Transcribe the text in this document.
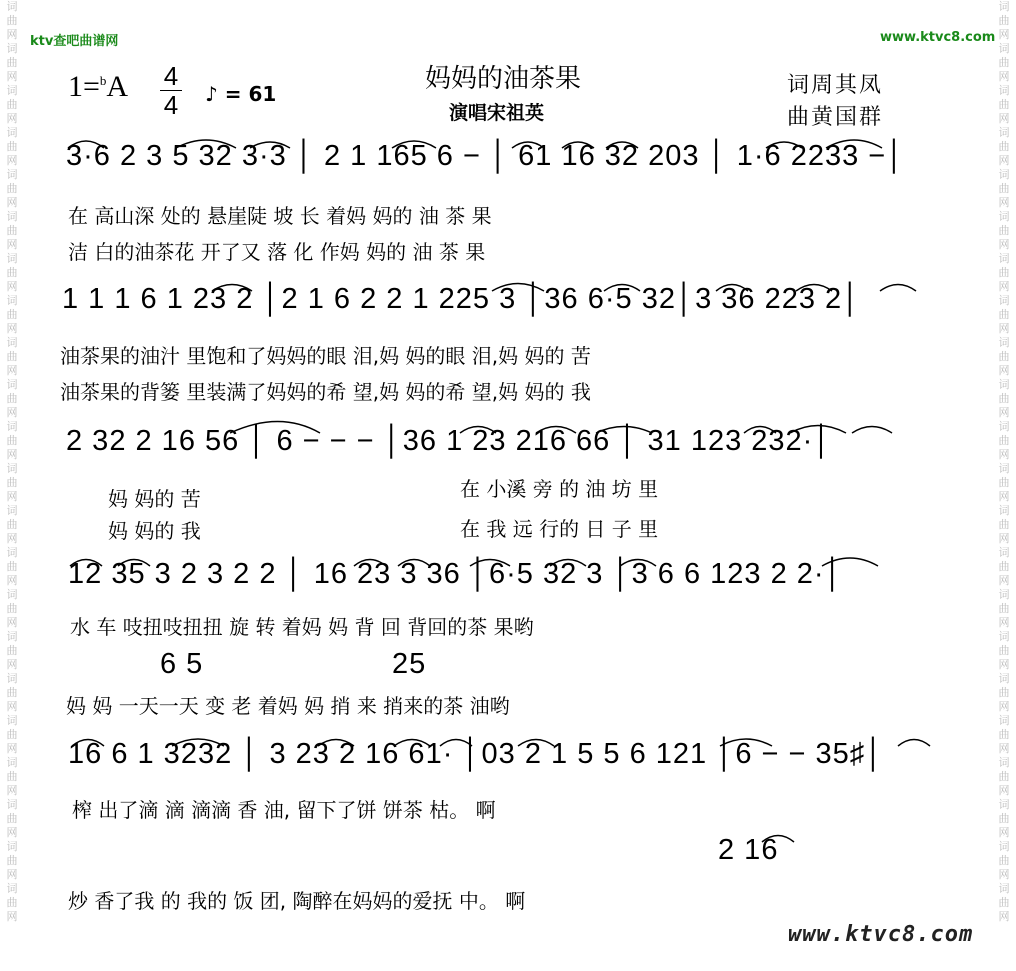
词
曲
网
词
曲
网
词
曲
网
词
曲
网
词
曲
网
词
曲
网
词
曲
网
词
曲
网
词
曲
网
词
曲
网
词
曲
网
词
曲
网
词
曲
网
词
曲
网
词
曲
网
词
曲
网
词
曲
网
词
曲
网
词
曲
网
词
曲
网
词
曲
网
词
曲
网
词
曲
网
词
曲
网
词
曲
网
词
曲
网
词
曲
网
词
曲
网
词
曲
网
词
曲
网
词
曲
网
词
曲
网
词
曲
网
词
曲
网
词
曲
网
词
曲
网
词
曲
网
词
曲
网
词
曲
网
词
曲
网
词
曲
网
词
曲
网
词
曲
网
词
曲
网
ktv查吧曲谱网	www.ktvc8.com
1=$^b$A 4
4 ♪ = 61	妈妈的油茶果
演唱宋祖英
词周其凤
曲黄国群
3·6 2 3 5 32 3·3 │ 2 1 165 6 − │ 61 16 32 203 │ 1·6 2233 −│
在 高山深 处的 悬崖陡 坡 长 着妈 妈的 油 茶 果
洁 白的油茶花 开了又 落 化 作妈 妈的 油 茶 果
1 1 1 6 1 23 2 │2 1 6 2 2 1 225 3 │36 6·5 32│3 36 223 2│
油茶果的油汁 里饱和了妈妈的眼 泪,妈 妈的眼 泪,妈 妈的 苦
油茶果的背篓 里装满了妈妈的希 望,妈 妈的希 望,妈 妈的 我
2 32 2 16 56 │ 6 − − − │36 1 23 216 66 │ 31 123 232·│
妈 妈的 苦
妈 妈的 我
在 小溪 旁 的 油 坊 里
在 我 远 行的 日 子 里
12 35 3 2 3 2 2 │ 16 23 3 36 │6·5 32 3 │3 6 6 123 2 2·│
水 车 吱扭吱扭扭 旋 转 着妈 妈 背 回 背回的茶 果哟
6 5	25
妈 妈 一天一天 变 老 着妈 妈 捎 来 捎来的茶 油哟
16 6 1 3232 │ 3 23 2 16 61· │03 2 1 5 5 6 121 │6 − − 35♯│
榨 出了滴 滴 滴滴 香 油, 留下了饼 饼茶 枯。 啊
2 16
炒 香了我 的 我的 饭 团, 陶醉在妈妈的爱抚 中。 啊
www.ktvc8.com
